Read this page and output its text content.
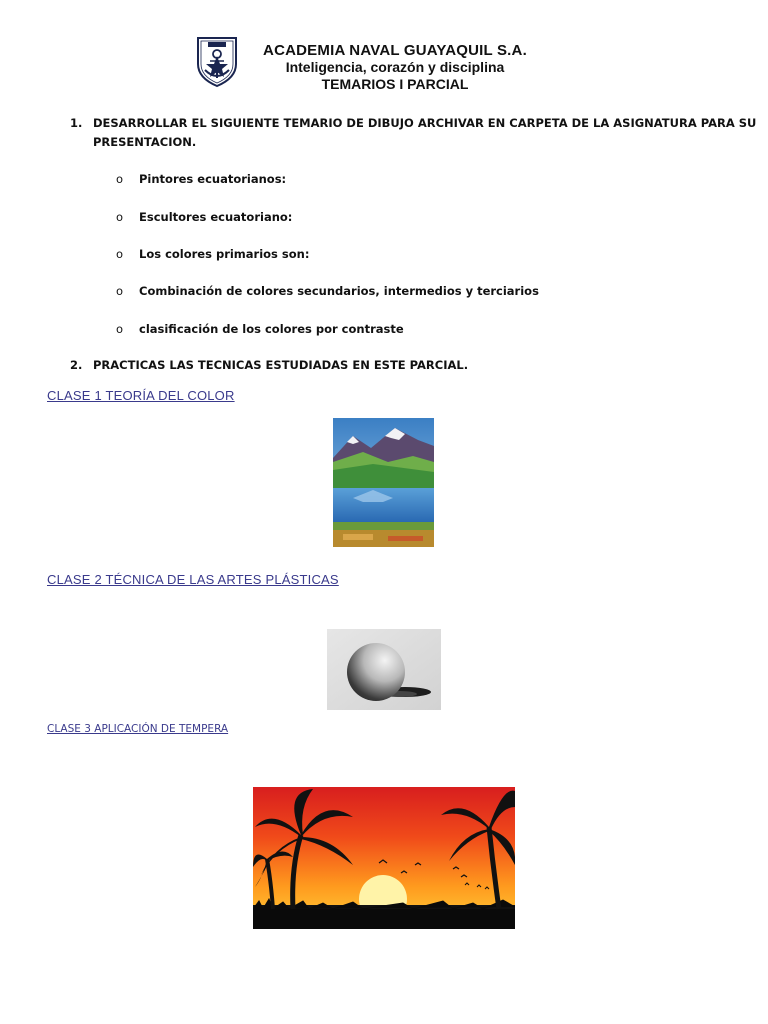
ACADEMIA NAVAL GUAYAQUIL S.A.
Inteligencia, corazón y disciplina
TEMARIOS I PARCIAL
1. DESARROLLAR EL SIGUIENTE TEMARIO DE DIBUJO ARCHIVAR EN CARPETA DE LA ASIGNATURA PARA SU
PRESENTACION.
o Pintores ecuatorianos:
o Escultores ecuatoriano:
o Los colores primarios son:
o Combinación de colores secundarios, intermedios y terciarios
o clasificación de los colores por contraste
2. PRACTICAS LAS TECNICAS ESTUDIADAS EN ESTE PARCIAL.
CLASE 1 TEORÍA DEL COLOR
CLASE 2 TÉCNICA DE LAS ARTES PLÁSTICAS
CLASE 3 APLICACIÓN DE TEMPERA
